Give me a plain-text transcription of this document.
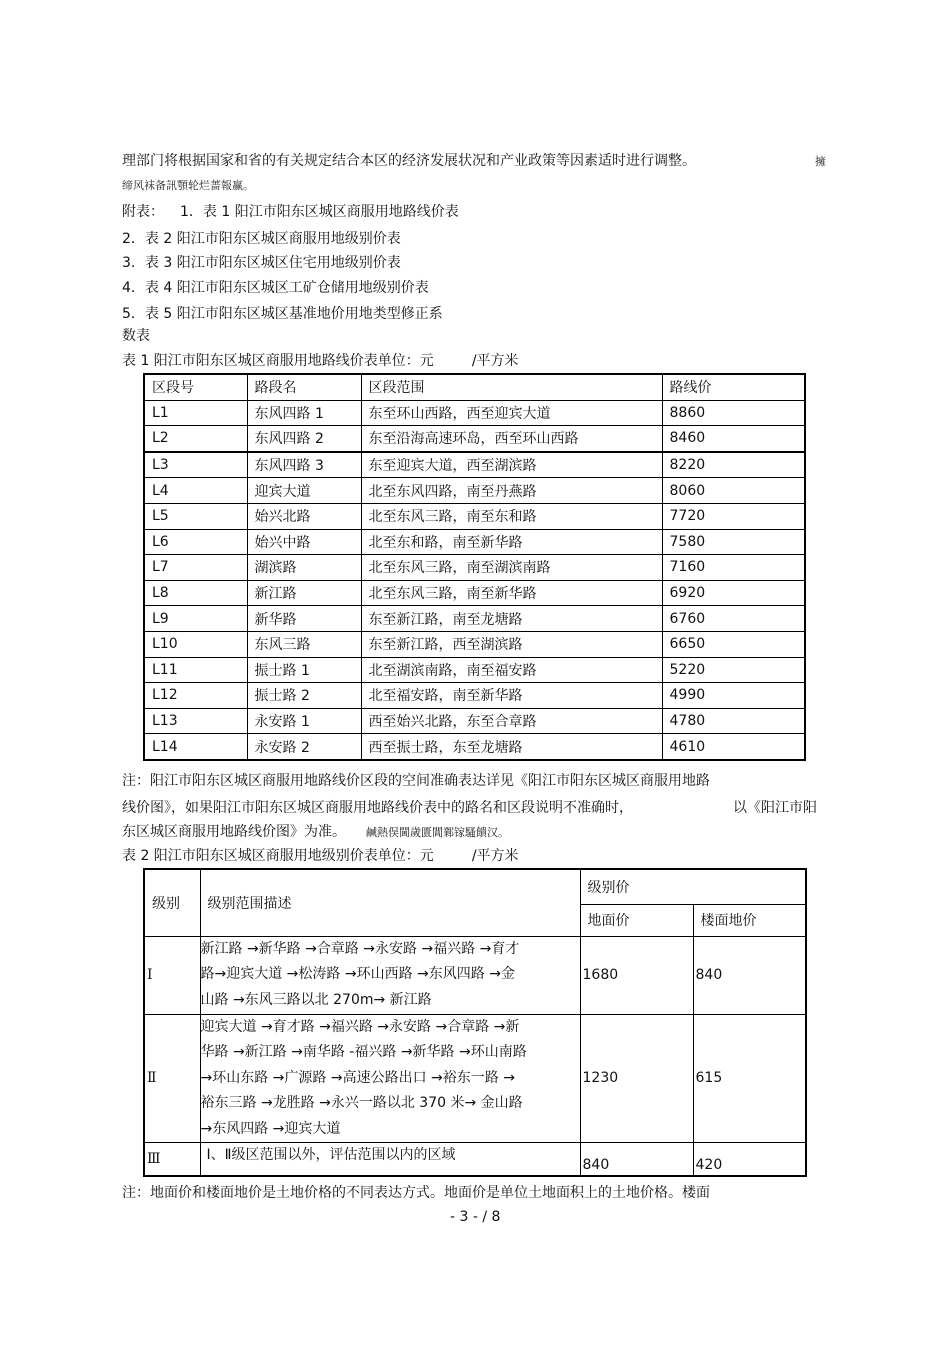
理部门将根据国家和省的有关规定结合本区的经济发展状况和产业政策等因素适时进行调整。	擁
缔风袜备訊顎轮烂蔷報赢。
附表： 1．表 1 阳江市阳东区城区商服用地路线价表
2．表 2 阳江市阳东区城区商服用地级别价表
3．表 3 阳江市阳东区城区住宅用地级别价表
4．表 4 阳江市阳东区城区工矿仓储用地级别价表
5．表 5 阳江市阳东区城区基准地价用地类型修正系
数表
表 1 阳江市阳东区城区商服用地路线价表单位：元	/平方米
区段号	路段名	区段范围	路线价
L1	东风四路 1	东至环山西路，西至迎宾大道	8860
L2	东风四路 2	东至沿海高速环岛，西至环山西路	8460
L3	东风四路 3	东至迎宾大道，西至湖滨路	8220
L4	迎宾大道	北至东风四路，南至丹燕路	8060
L5	始兴北路	北至东风三路，南至东和路	7720
L6	始兴中路	北至东和路，南至新华路	7580
L7	湖滨路	北至东风三路，南至湖滨南路	7160
L8	新江路	北至东风三路，南至新华路	6920
L9	新华路	东至新江路，南至龙塘路	6760
L10	东风三路	东至新江路，西至湖滨路	6650
L11	振士路 1	北至湖滨南路，南至福安路	5220
L12	振士路 2	北至福安路，南至新华路	4990
L13	永安路 1	西至始兴北路，东至合章路	4780
L14	永安路 2	西至振士路，东至龙塘路	4610
注：阳江市阳东区城区商服用地路线价区段的空间准确表达详见《阳江市阳东区城区商服用地路
线价图》，如果阳江市阳东区城区商服用地路线价表中的路名和区段说明不准确时，	以《阳江市阳
东区城区商服用地路线价图》为准。 鹹熱俣閫歲匱閶鄴镓騷饋汉。
表 2 阳江市阳东区城区商服用地级别价表单位：元	/平方米
级别	级别范围描述	级别价	
		地面价	楼面地价
Ⅰ	新江路 →新华路 →合章路 →永安路 →福兴路 →育才
路→迎宾大道 →松涛路 →环山西路 →东风四路 →金
山路 →东风三路以北 270m→ 新江路	1680	840
Ⅱ	迎宾大道 →育才路 →福兴路 →永安路 →合章路 →新
华路 →新江路 →南华路 -福兴路 →新华路 →环山南路
→环山东路 →广源路 →高速公路出口 →裕东一路 →
裕东三路 →龙胜路 →永兴一路以北 370 米→ 金山路
→东风四路 →迎宾大道	1230	615
Ⅲ	Ⅰ、Ⅱ级区范围以外，评估范围以内的区域	840	420
注：地面价和楼面地价是土地价格的不同表达方式。地面价是单位土地面积上的土地价格。楼面
- 3 - / 8
